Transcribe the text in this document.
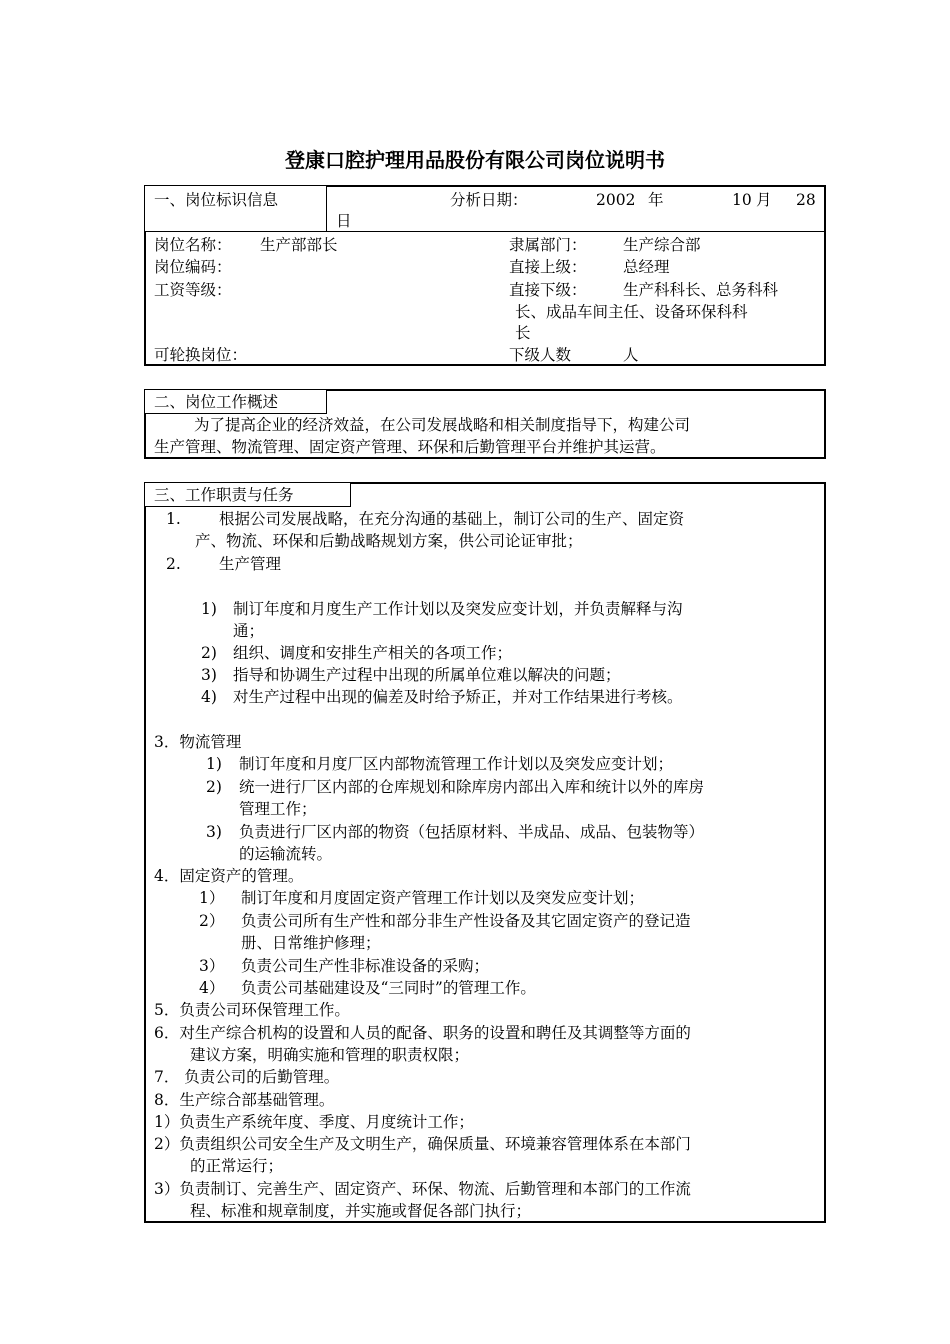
登康口腔护理用品股份有限公司岗位说明书
一、岗位标识信息	分析日期：	2002 年	10 月 28
日
岗位名称： 生产部部长	隶属部门： 生产综合部
岗位编码：	直接上级： 总经理
工资等级：	直接下级： 生产科科长、总务科科
长、成品车间主任、设备环保科科
长
可轮换岗位：	下级人数	人
二、岗位工作概述
为了提高企业的经济效益，在公司发展战略和相关制度指导下，构建公司
生产管理、物流管理、固定资产管理、环保和后勤管理平台并维护其运营。
三、工作职责与任务
1. 根据公司发展战略，在充分沟通的基础上，制订公司的生产、固定资
产、物流、环保和后勤战略规划方案，供公司论证审批；
2. 生产管理
1) 制订年度和月度生产工作计划以及突发应变计划，并负责解释与沟
通；
2) 组织、调度和安排生产相关的各项工作；
3) 指导和协调生产过程中出现的所属单位难以解决的问题；
4) 对生产过程中出现的偏差及时给予矫正，并对工作结果进行考核。
3．物流管理
1) 制订年度和月度厂区内部物流管理工作计划以及突发应变计划；
2) 统一进行厂区内部的仓库规划和除库房内部出入库和统计以外的库房
管理工作；
3) 负责进行厂区内部的物资（包括原材料、半成品、成品、包装物等）
的运输流转。
4．固定资产的管理。
1） 制订年度和月度固定资产管理工作计划以及突发应变计划；
2） 负责公司所有生产性和部分非生产性设备及其它固定资产的登记造
册、日常维护修理；
3） 负责公司生产性非标准设备的采购；
4） 负责公司基础建设及“三同时”的管理工作。
5．负责公司环保管理工作。
6．对生产综合机构的设置和人员的配备、职务的设置和聘任及其调整等方面的
建议方案，明确实施和管理的职责权限；
7． 负责公司的后勤管理。
8．生产综合部基础管理。
1）负责生产系统年度、季度、月度统计工作；
2）负责组织公司安全生产及文明生产，确保质量、环境兼容管理体系在本部门
的正常运行；
3）负责制订、完善生产、固定资产、环保、物流、后勤管理和本部门的工作流
程、标准和规章制度，并实施或督促各部门执行；
